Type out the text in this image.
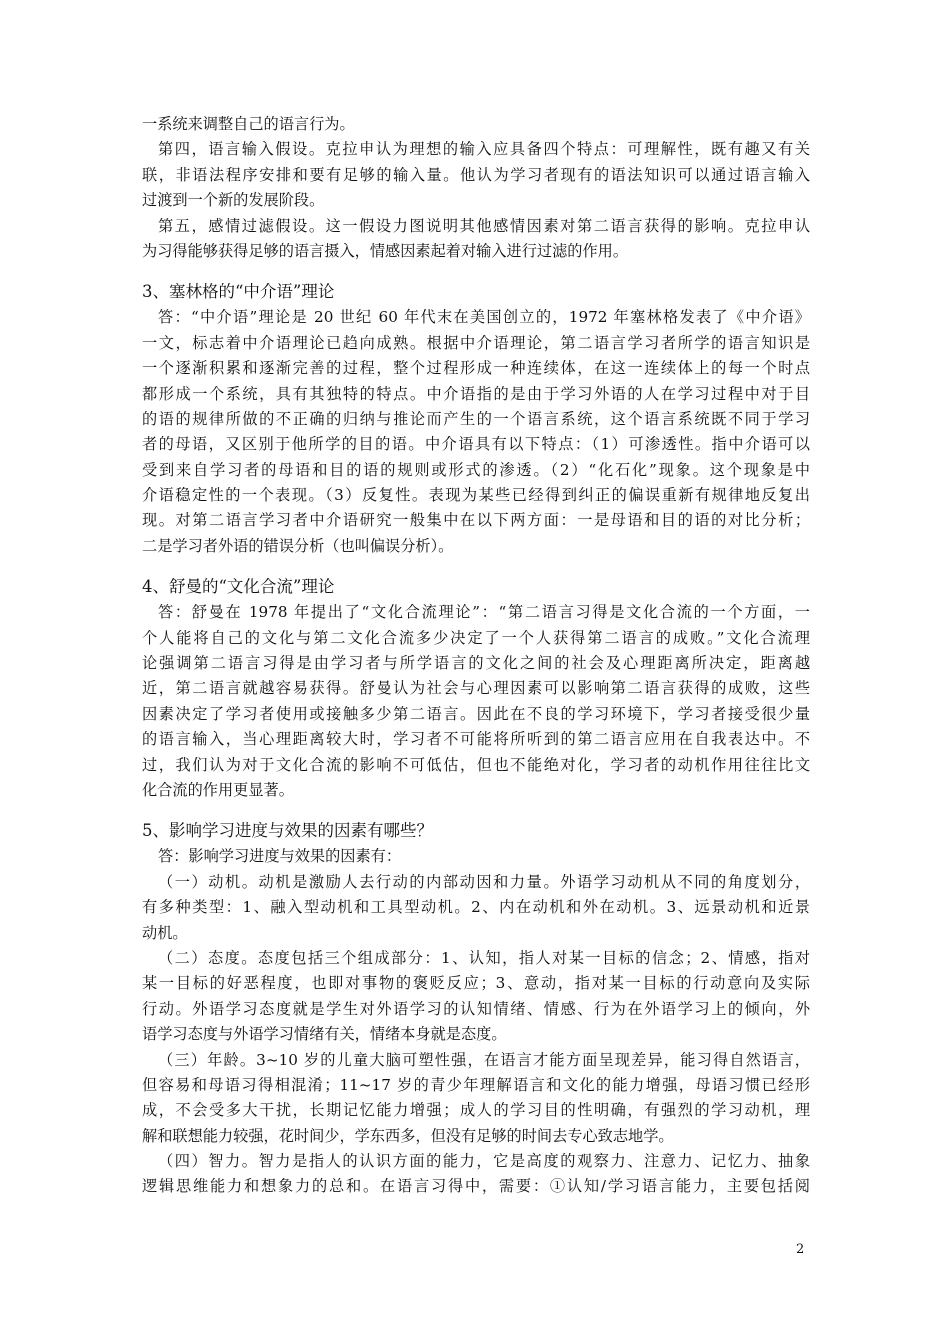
一系统来调整自己的语言行为。
第四，语言输入假设。克拉申认为理想的输入应具备四个特点：可理解性，既有趣又有关
联，非语法程序安排和要有足够的输入量。他认为学习者现有的语法知识可以通过语言输入
过渡到一个新的发展阶段。
第五，感情过滤假设。这一假设力图说明其他感情因素对第二语言获得的影响。克拉申认
为习得能够获得足够的语言摄入，情感因素起着对输入进行过滤的作用。
3、塞林格的“中介语”理论
答：“中介语”理论是 20 世纪 60 年代末在美国创立的，1972 年塞林格发表了《中介语》
一文，标志着中介语理论已趋向成熟。根据中介语理论，第二语言学习者所学的语言知识是
一个逐渐积累和逐渐完善的过程，整个过程形成一种连续体，在这一连续体上的每一个时点
都形成一个系统，具有其独特的特点。中介语指的是由于学习外语的人在学习过程中对于目
的语的规律所做的不正确的归纳与推论而产生的一个语言系统，这个语言系统既不同于学习
者的母语，又区别于他所学的目的语。中介语具有以下特点：（1）可渗透性。指中介语可以
受到来自学习者的母语和目的语的规则或形式的渗透。（2）“化石化”现象。这个现象是中
介语稳定性的一个表现。（3）反复性。表现为某些已经得到纠正的偏误重新有规律地反复出
现。对第二语言学习者中介语研究一般集中在以下两方面：一是母语和目的语的对比分析；
二是学习者外语的错误分析（也叫偏误分析）。
4、舒曼的“文化合流”理论
答：舒曼在 1978 年提出了“文化合流理论”：“第二语言习得是文化合流的一个方面，一
个人能将自己的文化与第二文化合流多少决定了一个人获得第二语言的成败。”文化合流理
论强调第二语言习得是由学习者与所学语言的文化之间的社会及心理距离所决定，距离越
近，第二语言就越容易获得。舒曼认为社会与心理因素可以影响第二语言获得的成败，这些
因素决定了学习者使用或接触多少第二语言。因此在不良的学习环境下，学习者接受很少量
的语言输入，当心理距离较大时，学习者不可能将所听到的第二语言应用在自我表达中。不
过，我们认为对于文化合流的影响不可低估，但也不能绝对化，学习者的动机作用往往比文
化合流的作用更显著。
5、影响学习进度与效果的因素有哪些？
答：影响学习进度与效果的因素有：
（一）动机。动机是激励人去行动的内部动因和力量。外语学习动机从不同的角度划分，
有多种类型：1、融入型动机和工具型动机。2、内在动机和外在动机。3、远景动机和近景
动机。
（二）态度。态度包括三个组成部分：1、认知，指人对某一目标的信念；2、情感，指对
某一目标的好恶程度，也即对事物的褒贬反应；3、意动，指对某一目标的行动意向及实际
行动。外语学习态度就是学生对外语学习的认知情绪、情感、行为在外语学习上的倾向，外
语学习态度与外语学习情绪有关，情绪本身就是态度。
（三）年龄。3~10 岁的儿童大脑可塑性强，在语言才能方面呈现差异，能习得自然语言，
但容易和母语习得相混淆；11~17 岁的青少年理解语言和文化的能力增强，母语习惯已经形
成，不会受多大干扰，长期记忆能力增强；成人的学习目的性明确，有强烈的学习动机，理
解和联想能力较强，花时间少，学东西多，但没有足够的时间去专心致志地学。
（四）智力。智力是指人的认识方面的能力，它是高度的观察力、注意力、记忆力、抽象
逻辑思维能力和想象力的总和。在语言习得中，需要：①认知/学习语言能力，主要包括阅
2
